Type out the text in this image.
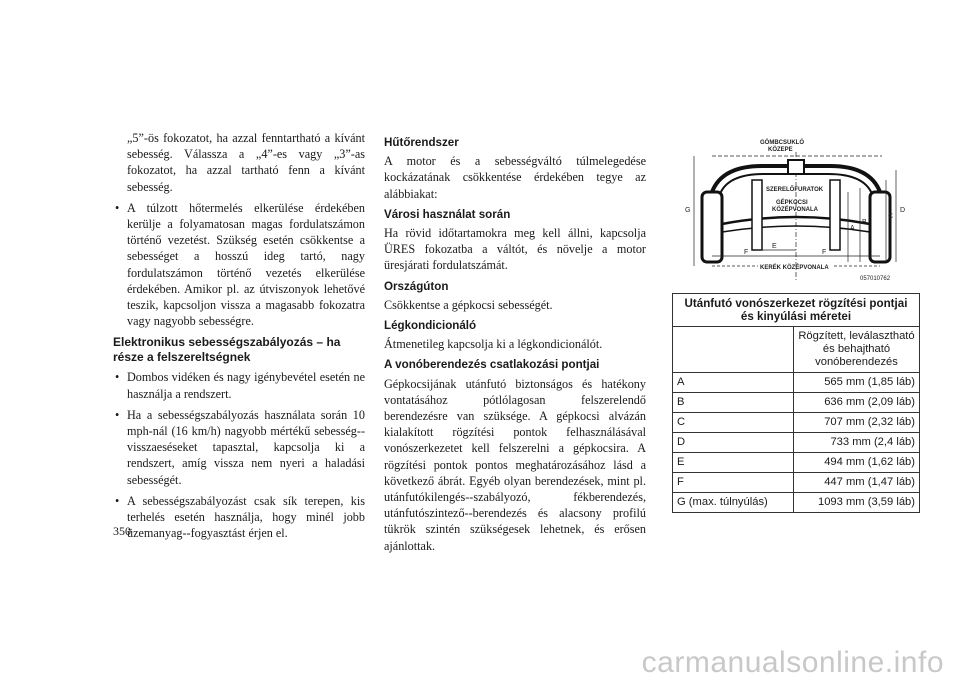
„5”-ös fokozatot, ha azzal fenntartható a kívánt sebesség. Válassza a „4”-es vagy „3”-as fokozatot, ha azzal tartható fenn a kívánt sebesség.

• A túlzott hőtermelés elkerülése érdekében kerülje a folyamatosan magas fordulatszámon történő vezetést. Szükség esetén csökkentse a sebességet a hosszú ideg tartó, nagy fordulatszámon történő vezetés elkerülése érdekében. Amikor pl. az útviszonyok lehetővé teszik, kapcsoljon vissza a magasabb fokozatra vagy nagyobb sebességre.
Elektronikus sebességszabályozás – ha része a felszereltségnek
• Dombos vidéken és nagy igénybevétel esetén ne használja a rendszert.
• Ha a sebességszabályozás használata során 10 mph-nál (16 km/h) nagyobb mértékű sebesség--visszaeséseket tapasztal, kapcsolja ki a rendszert, amíg vissza nem nyeri a haladási sebességét.
• A sebességszabályozást csak sík terepen, kis terhelés esetén használja, hogy minél jobb üzemanyag--fogyasztást érjen el.
Hűtőrendszer

A motor és a sebességváltó túlmelegedése kockázatának csökkentése érdekében tegye az alábbiakat:

Városi használat során

Ha rövid időtartamokra meg kell állni, kapcsolja ÜRES fokozatba a váltót, és növelje a motor üresjárati fordulatszámát.

Országúton

Csökkentse a gépkocsi sebességét.

Légkondicionáló

Átmenetileg kapcsolja ki a légkondicionálót.

A vonóberendezés csatlakozási pontjai

Gépkocsijának utánfutó biztonságos és hatékony vontatásához pótlólagosan felszerelendő berendezésre van szüksége. A gépkocsi alvázán kialakított rögzítési pontok felhasználásával vonószerkezetet kell felszerelni a gépkocsira. A rögzítési pontok pontos meghatározásához lásd a következő ábrát. Egyéb olyan berendezések, mint pl. utánfutókilengés--szabályozó, fékberendezés, utánfutószintező--berendezés és alacsony profilú tükrök szintén szükségesek lehetnek, és erősen ajánlottak.

GÖMBCSUKLÓ
KÖZEPE
SZERELŐFURATOK
GÉPKOCSI
KÖZÉPVONALA
E
F	F
KERÉK KÖZÉPVONALA
G
A
D
C
B
057010762
Utánfutó vonószerkezet rögzítési pontjai és kinyúlási méretei	
	Rögzített, leválasztható és behajtható vonóberendezés
A	565 mm (1,85 láb)
B	636 mm (2,09 láb)
C	707 mm (2,32 láb)
D	733 mm (2,4 láb)
E	494 mm (1,62 láb)
F	447 mm (1,47 láb)
G (max. túlnyúlás)	1093 mm (3,59 láb)
350
carmanualsonline.info
